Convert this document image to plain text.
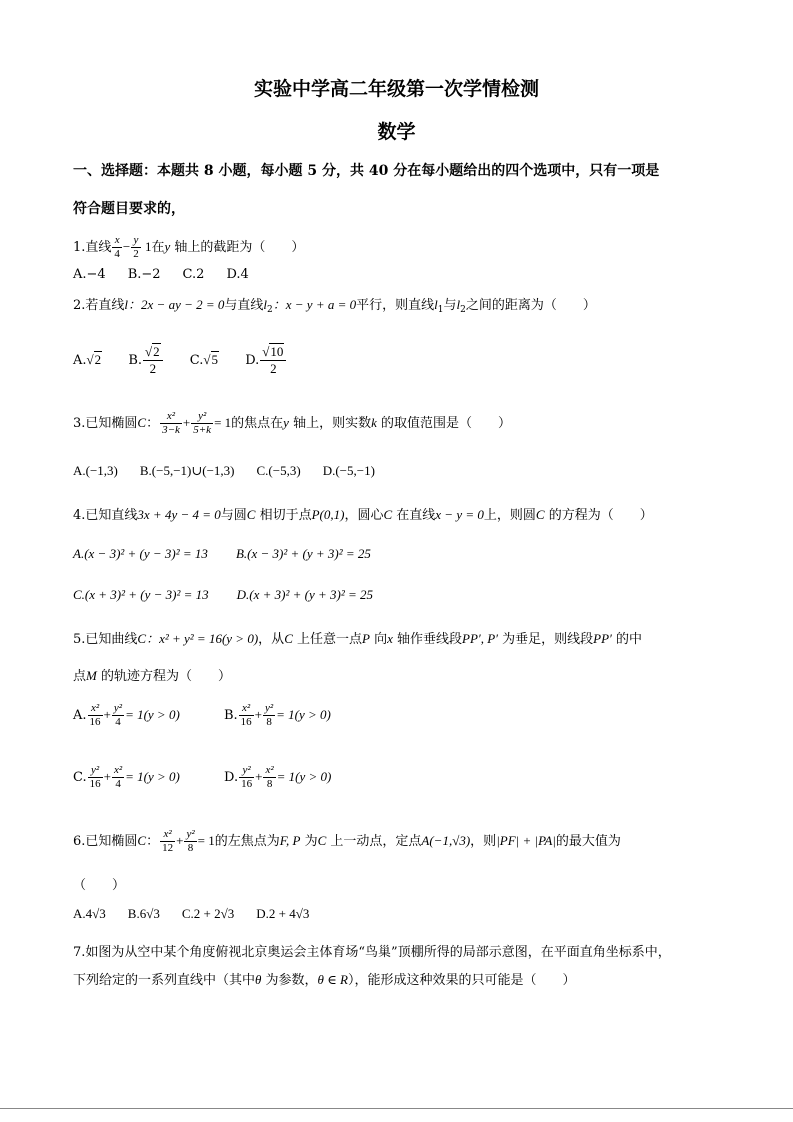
实验中学高二年级第一次学情检测
数学
一、选择题：本题共 8 小题，每小题 5 分，共 40 分在每小题给出的四个选项中，只有一项是
符合题目要求的，
1.直线 $\frac{x}{4} - \frac{y}{2} 1$在y 轴上的截距为（　　）
A.−4 B.−2 C.2 D.4
2.若直线l：2x − ay − 2 = 0与直线$l_2$：x − y + a = 0平行，则直线$l_1$与$l_2$之间的距离为（　　）
A.√2 B. $\frac{√2}{2} C.√5$ D. $\frac{√10}{2}$
3.已知椭圆C： $\frac{\text{x²}}{3-k} + \frac{\text{y²}}{5+k} = 1$的焦点在y 轴上，则实数k 的取值范围是（　　）
A.(−1,3) B.(−5,−1)∪(−1,3) C.(−5,3) D.(−5,−1)
4.已知直线3x + 4y − 4 = 0与圆C 相切于点P(0,1)，圆心C 在直线x − y = 0上，则圆C 的方程为（　　）
A.(x − 3)² + (y − 3)² = 13 B.(x − 3)² + (y + 3)² = 25
C.(x + 3)² + (y − 3)² = 13 D.(x + 3)² + (y + 3)² = 25
5.已知曲线C：x² + y² = 16(y > 0)，从C 上任意一点P 向x 轴作垂线段PP′, P′ 为垂足，则线段PP′ 的中
点M 的轨迹方程为（　　）
A. $\frac{\text{x²}}{16} + \frac{\text{y²}}{4} = 1(y > 0)$	B. $\frac{\text{x²}}{16} + \frac{\text{y²}}{8} = 1(y > 0)$
C. $\frac{\text{y²}}{16} + \frac{\text{x²}}{4} = 1(y > 0)$	D. $\frac{\text{y²}}{16} + \frac{\text{x²}}{8} = 1(y > 0)$
6.已知椭圆C： $\frac{\text{x²}}{12} + \frac{\text{y²}}{8} = 1$的左焦点为F, P 为C 上一动点，定点A(−1,√3)，则|PF| + |PA|的最大值为
（　　）
A.4√3 B.6√3 C.2 + 2√3 D.2 + 4√3
7.如图为从空中某个角度俯视北京奥运会主体育场“鸟巢”顶棚所得的局部示意图，在平面直角坐标系中，
下列给定的一系列直线中（其中θ 为参数，θ ∈ R），能形成这种效果的只可能是（　　）
